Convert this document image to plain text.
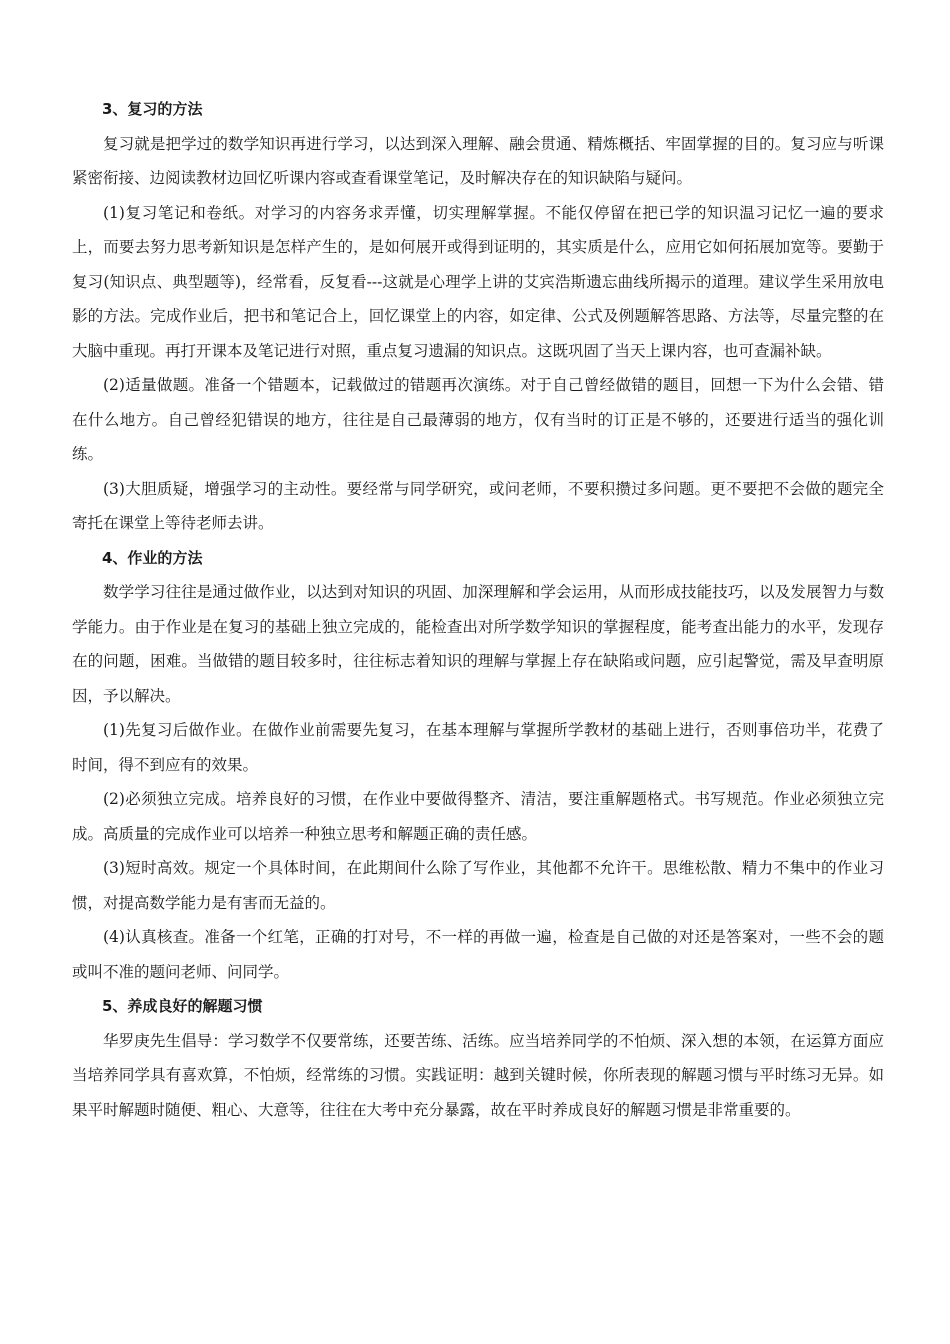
3、复习的方法

复习就是把学过的数学知识再进行学习，以达到深入理解、融会贯通、精炼概括、牢固掌握的目的。复习应与听课紧密衔接、边阅读教材边回忆听课内容或查看课堂笔记，及时解决存在的知识缺陷与疑问。

(1)复习笔记和卷纸。对学习的内容务求弄懂，切实理解掌握。不能仅停留在把已学的知识温习记忆一遍的要求上，而要去努力思考新知识是怎样产生的，是如何展开或得到证明的，其实质是什么，应用它如何拓展加宽等。要勤于复习(知识点、典型题等)，经常看，反复看---这就是心理学上讲的艾宾浩斯遗忘曲线所揭示的道理。建议学生采用放电影的方法。完成作业后，把书和笔记合上，回忆课堂上的内容，如定律、公式及例题解答思路、方法等，尽量完整的在大脑中重现。再打开课本及笔记进行对照，重点复习遗漏的知识点。这既巩固了当天上课内容，也可查漏补缺。

(2)适量做题。准备一个错题本，记载做过的错题再次演练。对于自己曾经做错的题目，回想一下为什么会错、错在什么地方。自己曾经犯错误的地方，往往是自己最薄弱的地方，仅有当时的订正是不够的，还要进行适当的强化训练。

(3)大胆质疑，增强学习的主动性。要经常与同学研究，或问老师，不要积攒过多问题。更不要把不会做的题完全寄托在课堂上等待老师去讲。

4、作业的方法

数学学习往往是通过做作业，以达到对知识的巩固、加深理解和学会运用，从而形成技能技巧，以及发展智力与数学能力。由于作业是在复习的基础上独立完成的，能检查出对所学数学知识的掌握程度，能考查出能力的水平，发现存在的问题，困难。当做错的题目较多时，往往标志着知识的理解与掌握上存在缺陷或问题，应引起警觉，需及早查明原因，予以解决。

(1)先复习后做作业。在做作业前需要先复习，在基本理解与掌握所学教材的基础上进行，否则事倍功半，花费了时间，得不到应有的效果。

(2)必须独立完成。培养良好的习惯，在作业中要做得整齐、清洁，要注重解题格式。书写规范。作业必须独立完成。高质量的完成作业可以培养一种独立思考和解题正确的责任感。

(3)短时高效。规定一个具体时间，在此期间什么除了写作业，其他都不允许干。思维松散、精力不集中的作业习惯，对提高数学能力是有害而无益的。

(4)认真核查。准备一个红笔，正确的打对号，不一样的再做一遍，检查是自己做的对还是答案对，一些不会的题或叫不准的题问老师、问同学。

5、养成良好的解题习惯

华罗庚先生倡导：学习数学不仅要常练，还要苦练、活练。应当培养同学的不怕烦、深入想的本领，在运算方面应当培养同学具有喜欢算，不怕烦，经常练的习惯。实践证明：越到关键时候，你所表现的解题习惯与平时练习无异。如果平时解题时随便、粗心、大意等，往往在大考中充分暴露，故在平时养成良好的解题习惯是非常重要的。
